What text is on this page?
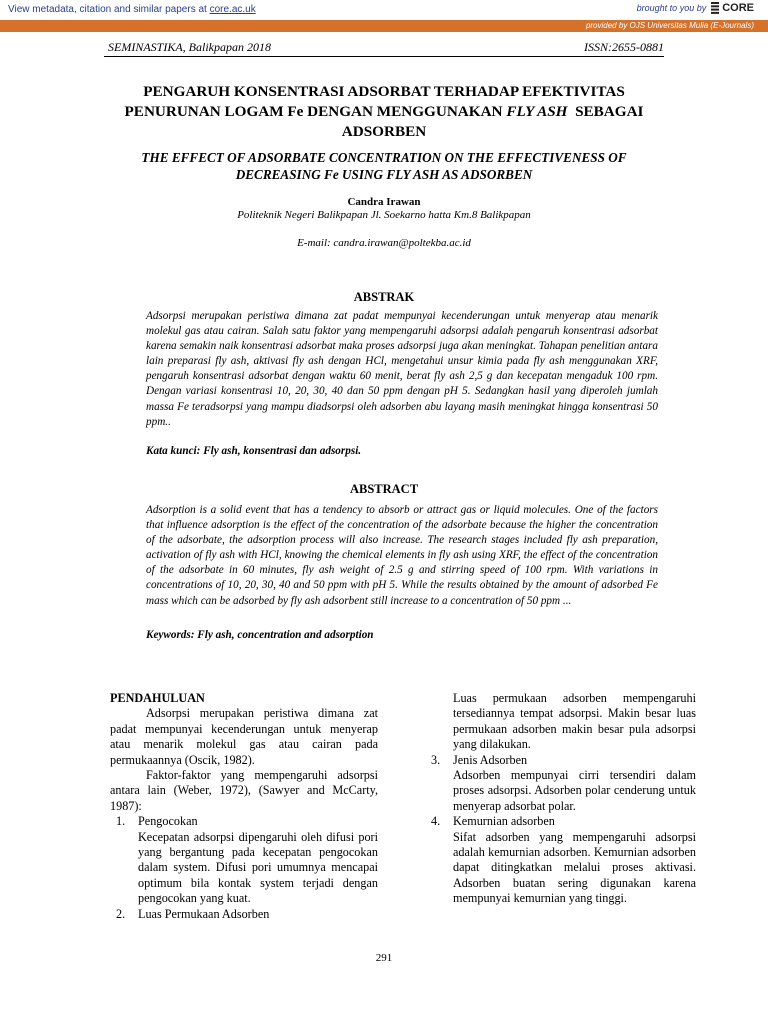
View metadata, citation and similar papers at core.ac.uk	brought to you by CORE
provided by OJS Universitas Mulia (E-Journals)
SEMINASTIKA, Balikpapan 2018	ISSN:2655-0881
PENGARUH KONSENTRASI ADSORBAT TERHADAP EFEKTIVITAS
PENURUNAN LOGAM Fe DENGAN MENGGUNAKAN FLY ASH  SEBAGAI
ADSORBEN
THE EFFECT OF ADSORBATE CONCENTRATION ON THE EFFECTIVENESS OF
DECREASING Fe USING FLY ASH AS ADSORBEN
Candra Irawan
Politeknik Negeri Balikpapan Jl. Soekarno hatta Km.8 Balikpapan
E-mail: candra.irawan@poltekba.ac.id
ABSTRAK
Adsorpsi merupakan peristiwa dimana zat padat mempunyai kecenderungan untuk menyerap atau menarik molekul gas atau cairan. Salah satu faktor yang mempengaruhi adsorpsi adalah pengaruh konsentrasi adsorbat karena semakin naik konsentrasi adsorbat maka proses adsorpsi juga akan meningkat. Tahapan penelitian antara lain preparasi fly ash, aktivasi fly ash dengan HCl, mengetahui unsur kimia pada fly ash menggunakan XRF, pengaruh konsentrasi adsorbat dengan waktu 60 menit, berat fly ash 2,5 g dan kecepatan mengaduk 100 rpm. Dengan variasi konsentrasi 10, 20, 30, 40 dan 50 ppm dengan pH 5. Sedangkan hasil yang diperoleh jumlah massa Fe teradsorpsi yang mampu diadsorpsi oleh adsorben abu layang masih meningkat hingga konsentrasi 50 ppm..
Kata kunci: Fly ash, konsentrasi dan adsorpsi.
ABSTRACT
Adsorption is a solid event that has a tendency to absorb or attract gas or liquid molecules. One of the factors that influence adsorption is the effect of the concentration of the adsorbate because the higher the concentration of the adsorbate, the adsorption process will also increase. The research stages included fly ash preparation, activation of fly ash with HCl, knowing the chemical elements in fly ash using XRF, the effect of the concentration of the adsorbate in 60 minutes, fly ash weight of 2.5 g and stirring speed of 100 rpm. With variations in concentrations of 10, 20, 30, 40 and 50 ppm with pH 5. While the results obtained by the amount of adsorbed Fe mass which can be adsorbed by fly ash adsorbent still increase to a concentration of 50 ppm ...
Keywords: Fly ash, concentration and adsorption

PENDAHULUAN

Adsorpsi merupakan peristiwa dimana zat padat mempunyai kecenderungan untuk menyerap atau menarik molekul gas atau cairan pada permukaannya (Oscik, 1982).

Faktor-faktor yang mempengaruhi adsorpsi antara lain (Weber, 1972), (Sawyer and McCarty, 1987):

1.	Pengocokan

Kecepatan adsorpsi dipengaruhi oleh difusi pori yang bergantung pada kecepatan pengocokan dalam system. Difusi pori umumnya mencapai optimum bila kontak system terjadi dengan pengocokan yang kuat.

2.	Luas Permukaan Adsorben

Luas permukaan adsorben mempengaruhi tersediannya tempat adsorpsi. Makin besar luas permukaan adsorben makin besar pula adsorpsi yang dilakukan.

3.	Jenis Adsorben

Adsorben mempunyai cirri tersendiri dalam proses adsorpsi. Adsorben polar cenderung untuk menyerap adsorbat polar.

4.	Kemurnian adsorben

Sifat adsorben yang mempengaruhi adsorpsi adalah kemurnian adsorben. Kemurnian adsorben dapat ditingkatkan melalui proses aktivasi. Adsorben buatan sering digunakan karena mempunyai kemurnian yang tinggi.

291
